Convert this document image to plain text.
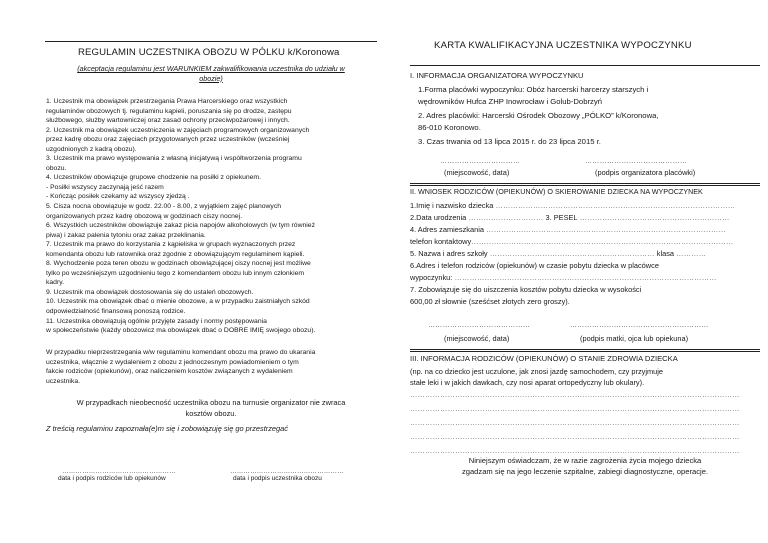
REGULAMIN UCZESTNIKA OBOZU W PÓLKU k/Koronowa
(akceptacja regulaminu jest WARUNKIEM zakwalifikowania uczestnika do udziału w
obozie)
1. Uczestnik ma obowiązek przestrzegania Prawa Harcerskiego oraz wszystkich
regulaminów obozowych tj. regulaminu kąpieli, poruszania się po drodze, zastępu
służbowego, służby wartowniczej oraz zasad ochrony przeciwpożarowej i innych.
2. Uczestnik ma obowiązek uczestniczenia w zajęciach programowych organizowanych
przez kadrę obozu oraz zajęciach przygotowanych przez uczestników (wcześniej
uzgodnionych z kadrą obozu).
3. Uczestnik ma prawo występowania z własną inicjatywą i współtworzenia programu
obozu.
4. Uczestników obowiązuje grupowe chodzenie na posiłki z opiekunem.
- Posiłki wszyscy zaczynają jeść razem
- Kończąc posiłek czekamy aż wszyscy zjedzą .
5. Cisza nocna obowiązuje w godz. 22.00 - 8.00, z wyjątkiem zajęć planowych
organizowanych przez kadrę obozową w godzinach ciszy nocnej.
6. Wszystkich uczestników obowiązuje zakaz picia napojów alkoholowych (w tym również
piwa) i zakaz palenia tytoniu oraz zakaz przeklinania.
7. Uczestnik ma prawo do korzystania z kąpieliska w grupach wyznaczonych przez
komendanta obozu lub ratownika oraz zgodnie z obowiązującym regulaminem kąpieli.
8. Wychodzenie poza teren obozu w godzinach obowiązującej ciszy nocnej jest możliwe
tylko po wcześniejszym uzgodnieniu tego z komendantem obozu lub innym członkiem
kadry.
9. Uczestnik ma obowiązek dostosowania się do ustaleń obozowych.
10. Uczestnik ma obowiązek dbać o mienie obozowe, a w przypadku zaistniałych szkód
odpowiedzialność finansową ponoszą rodzice.
11. Uczestnika obowiązują ogólnie przyjęte zasady i normy postępowania
w społeczeństwie (każdy obozowicz ma obowiązek dbać o DOBRE IMIĘ swojego obozu).
W przypadku nieprzestrzegania w/w regulaminu komendant obozu ma prawo do ukarania
uczestnika, włącznie z wydaleniem z obozu z jednoczesnym powiadomieniem o tym
fakcie rodziców (opiekunów), oraz naliczeniem kosztów związanych z wydaleniem
uczestnika.
W przypadkach nieobecność uczestnika obozu na turnusie organizator nie zwraca
kosztów obozu.
Z treścią regulaminu zapoznała(e)m się i zobowiązuję się go przestrzegać
……………………………………………	……………………………………………
data i podpis rodziców lub opiekunów	data i podpis uczestnika obozu
KARTA KWALIFIKACYJNA UCZESTNIKA WYPOCZYNKU
I. INFORMACJA ORGANIZATORA WYPOCZYNKU
1.Forma placówki wypoczynku: Obóz harcerski harcerzy starszych i
wędrowników Hufca ZHP Inowrocław i Golub-Dobrzyń
2. Adres placówki: Harcerski Ośrodek Obozowy „PÓLKO” k/Koronowa,
86-010 Koronowo.
3. Czas trwania od 13 lipca 2015 r. do 23 lipca 2015 r.
……………………………	……………………………………
(miejscowość, data)	(podpis organizatora placówki)
II. WNIOSEK RODZICÓW (OPIEKUNÓW) O SKIEROWANIE DZIECKA NA WYPOCZYNEK
1.Imię i nazwisko dziecka ……………………………………………………………………………………
2.Data urodzenia ………………………… 3. PESEL ……………………………………………………
4. Adres zamieszkania ……………………………………………………………………………………
telefon kontaktowy……………………………………………………………………………………………
5. Nazwa i adres szkoły ………………………………………………………… klasa …………
6.Adres i telefon rodziców (opiekunów) w czasie pobytu dziecka w placówce
wypoczynku: ……………………………………………………………………………………………
7. Zobowiązuje się do uiszczenia kosztów pobytu dziecka w wysokości
600,00 zł słownie (sześćset złotych zero groszy).
……………………………………	…………………………………………………
(miejscowość, data)	(podpis matki, ojca lub opiekuna)
III. INFORMACJA RODZICÓW (OPIEKUNÓW) O STANIE ZDROWIA DZIECKA
(np. na co dziecko jest uczulone, jak znosi jazdę samochodem, czy przyjmuje
stałe leki i w jakich dawkach, czy nosi aparat ortopedyczny lub okulary).
……………………………………………………………………………………………………………………
……………………………………………………………………………………………………………………
……………………………………………………………………………………………………………………
……………………………………………………………………………………………………………………
……………………………………………………………………………………………………………………
Niniejszym oświadczam, że w razie zagrożenia życia mojego dziecka
zgadzam się na jego leczenie szpitalne, zabiegi diagnostyczne, operacje.
